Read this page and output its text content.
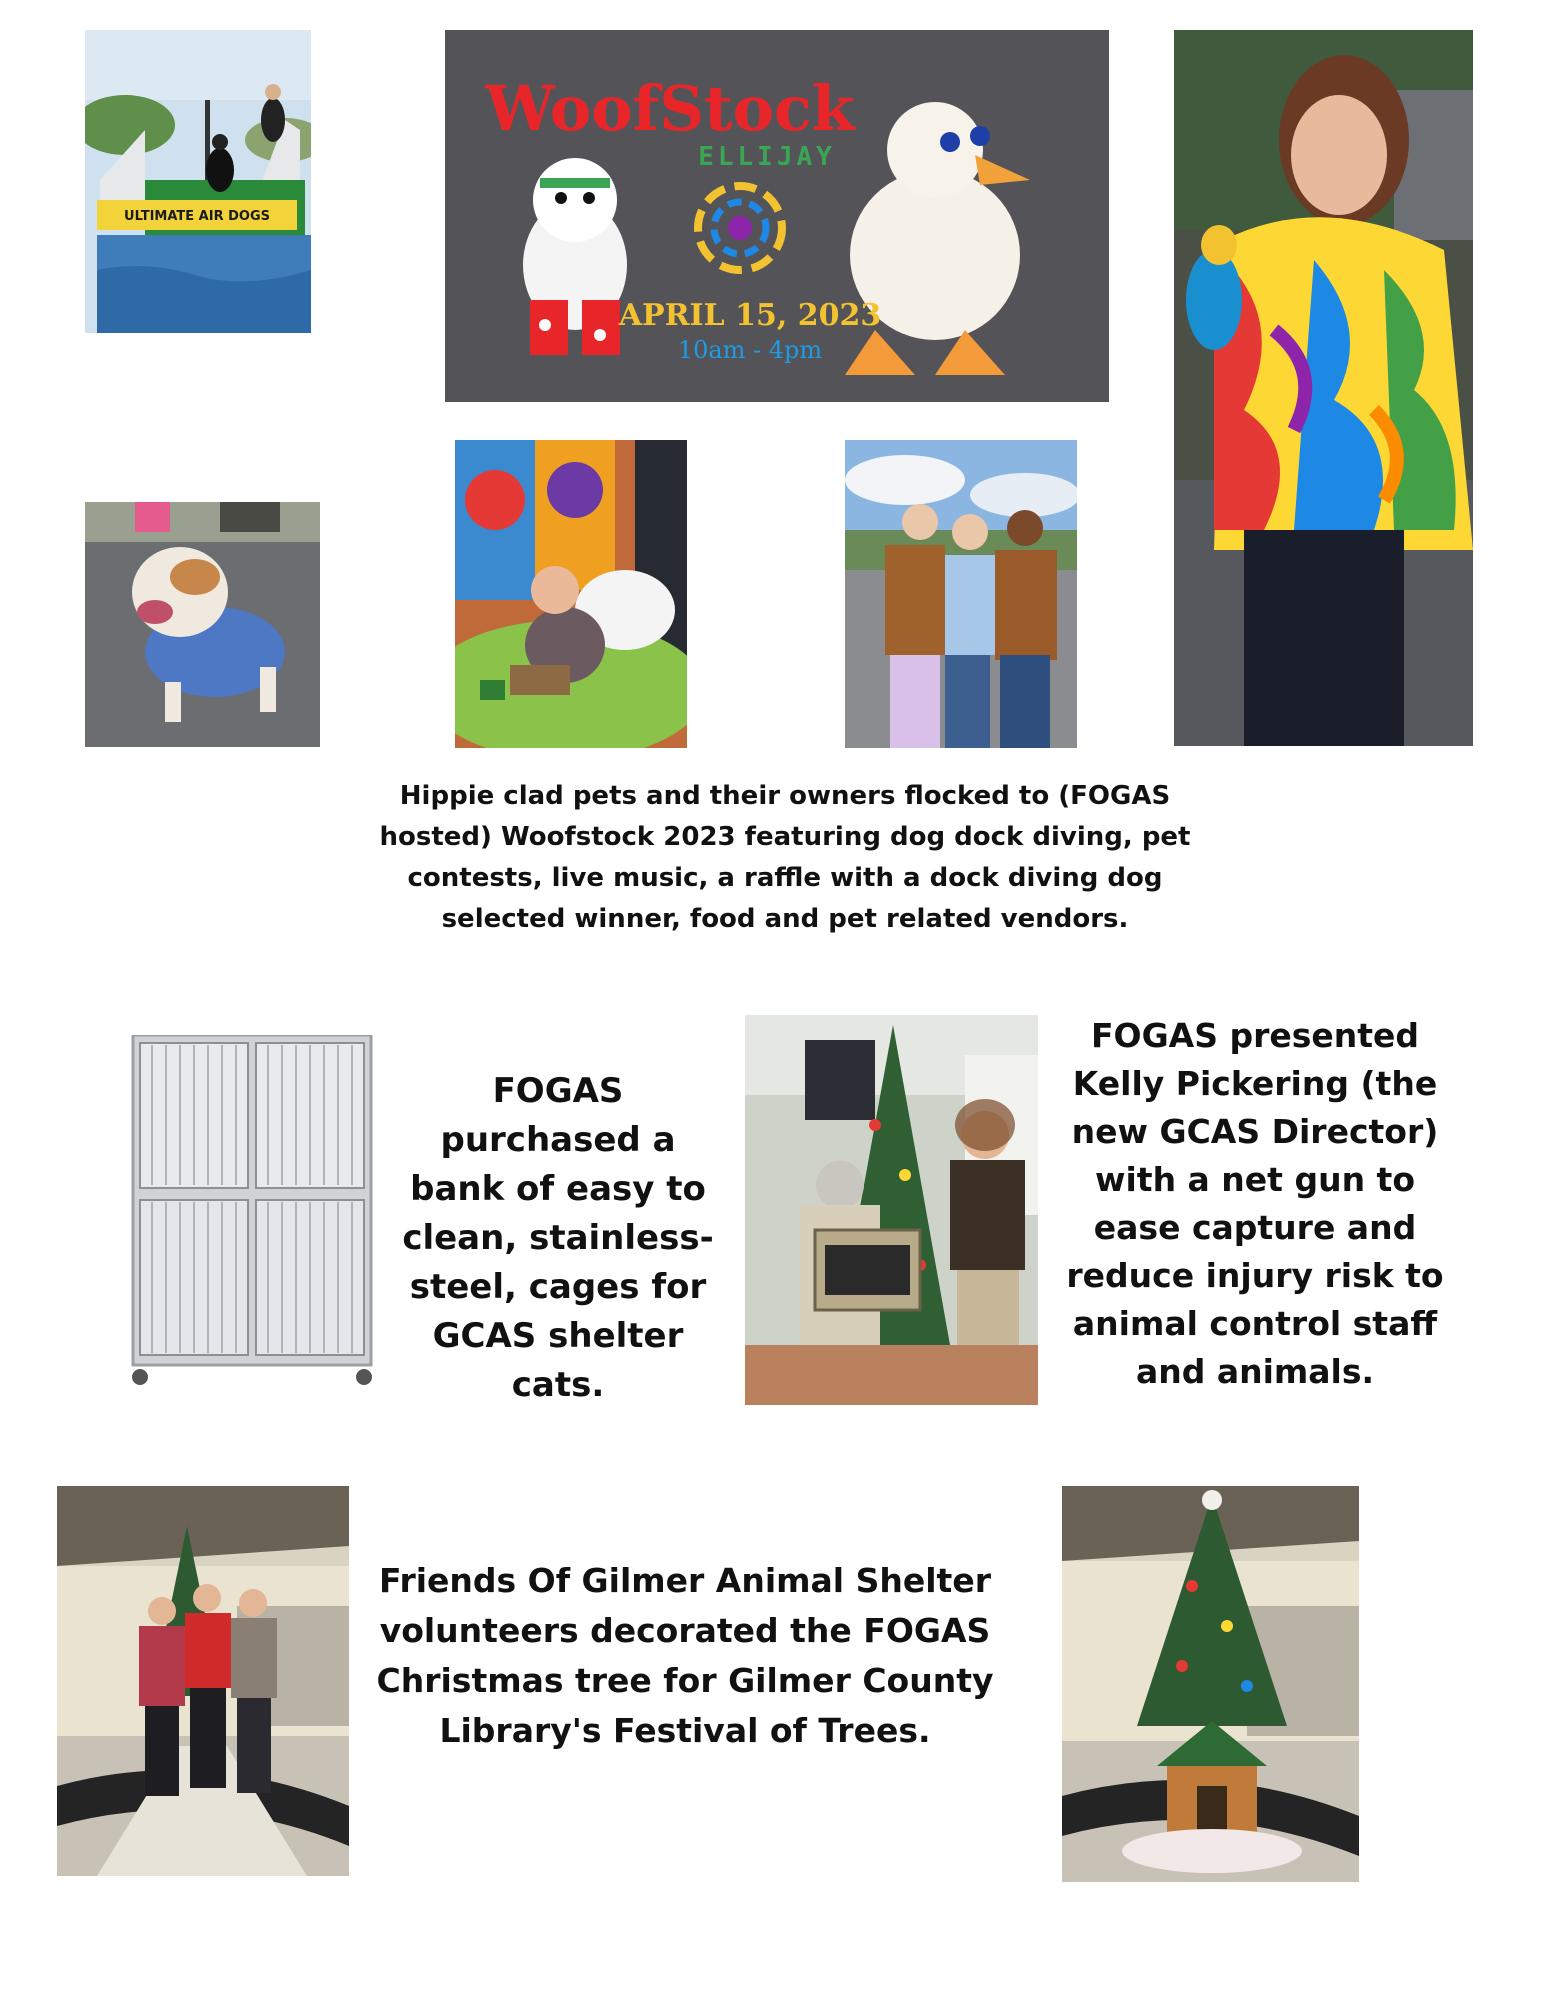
ULTIMATE AIR DOGS
WoofStock
ELLIJAY
APRIL 15, 2023
10am - 4pm
Hippie clad pets and their owners flocked to (FOGAS hosted) Woofstock 2023 featuring dog dock diving, pet contests, live music, a raffle with a dock diving dog selected winner, food and pet related vendors.
FOGAS purchased a bank of easy to clean, stainless-steel, cages for GCAS shelter cats.
FOGAS presented Kelly Pickering (the new GCAS Director) with a net gun to ease capture and reduce injury risk to animal control staff and animals.
Friends Of Gilmer Animal Shelter volunteers decorated the FOGAS Christmas tree for Gilmer County Library's Festival of Trees.
